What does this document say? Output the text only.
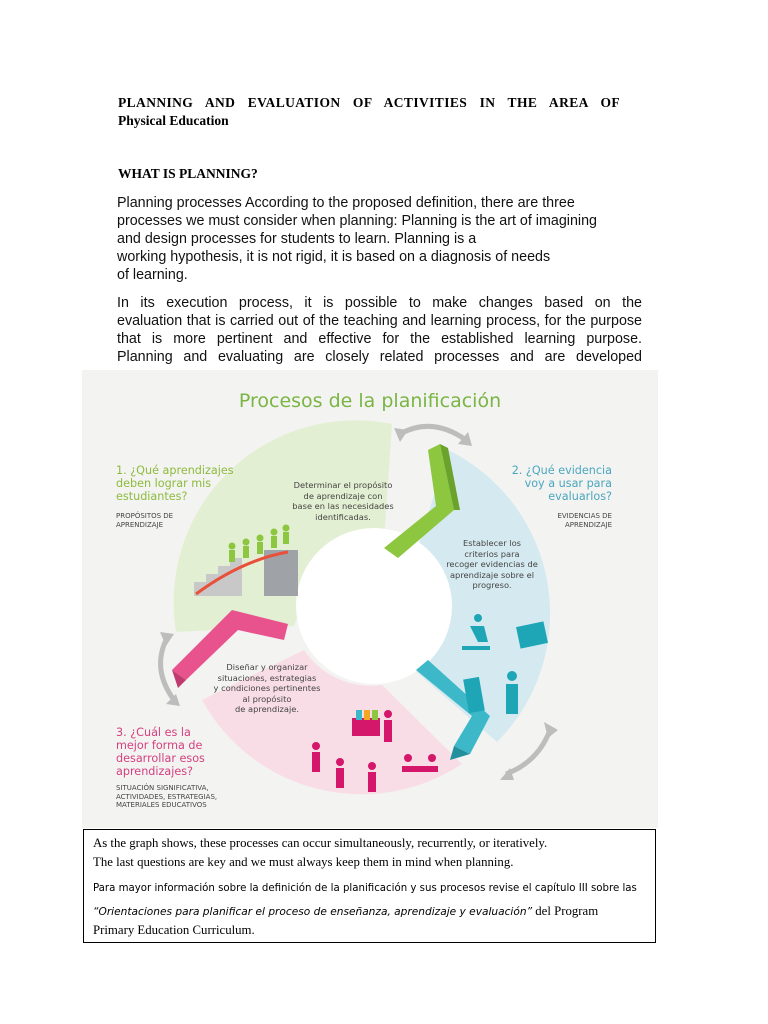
PLANNING AND EVALUATION OF ACTIVITIES IN THE AREA OF
Physical Education
WHAT IS PLANNING?
Planning processes According to the proposed definition, there are three
processes we must consider when planning: Planning is the art of imagining
and design processes for students to learn. Planning is a
working hypothesis, it is not rigid, it is based on a diagnosis of needs
of learning.
In its execution process, it is possible to make changes based on the
evaluation that is carried out of the teaching and learning process, for the purpose
that is more pertinent and effective for the established learning purpose.
Planning and evaluating are closely related processes and are developed
Procesos de la planificación
1. ¿Qué aprendizajes
deben lograr mis
estudiantes?
PROPÓSITOS DE
APRENDIZAJE
2. ¿Qué evidencia
voy a usar para
evaluarlos?
EVIDENCIAS DE
APRENDIZAJE
3. ¿Cuál es la
mejor forma de
desarrollar esos
aprendizajes?
SITUACIÓN SIGNIFICATIVA,
ACTIVIDADES, ESTRATEGIAS,
MATERIALES EDUCATIVOS
Determinar el propósito
de aprendizaje con
base en las necesidades
identificadas.
Establecer los
criterios para
recoger evidencias de
aprendizaje sobre el
progreso.
Diseñar y organizar
situaciones, estrategias
y condiciones pertinentes
al propósito
de aprendizaje.
As the graph shows, these processes can occur simultaneously, recurrently, or iteratively.
The last questions are key and we must always keep them in mind when planning.
Para mayor información sobre la definición de la planificación y sus procesos revise el capítulo III sobre las
“Orientaciones para planificar el proceso de enseñanza, aprendizaje y evaluación” del Program
Primary Education Curriculum.
